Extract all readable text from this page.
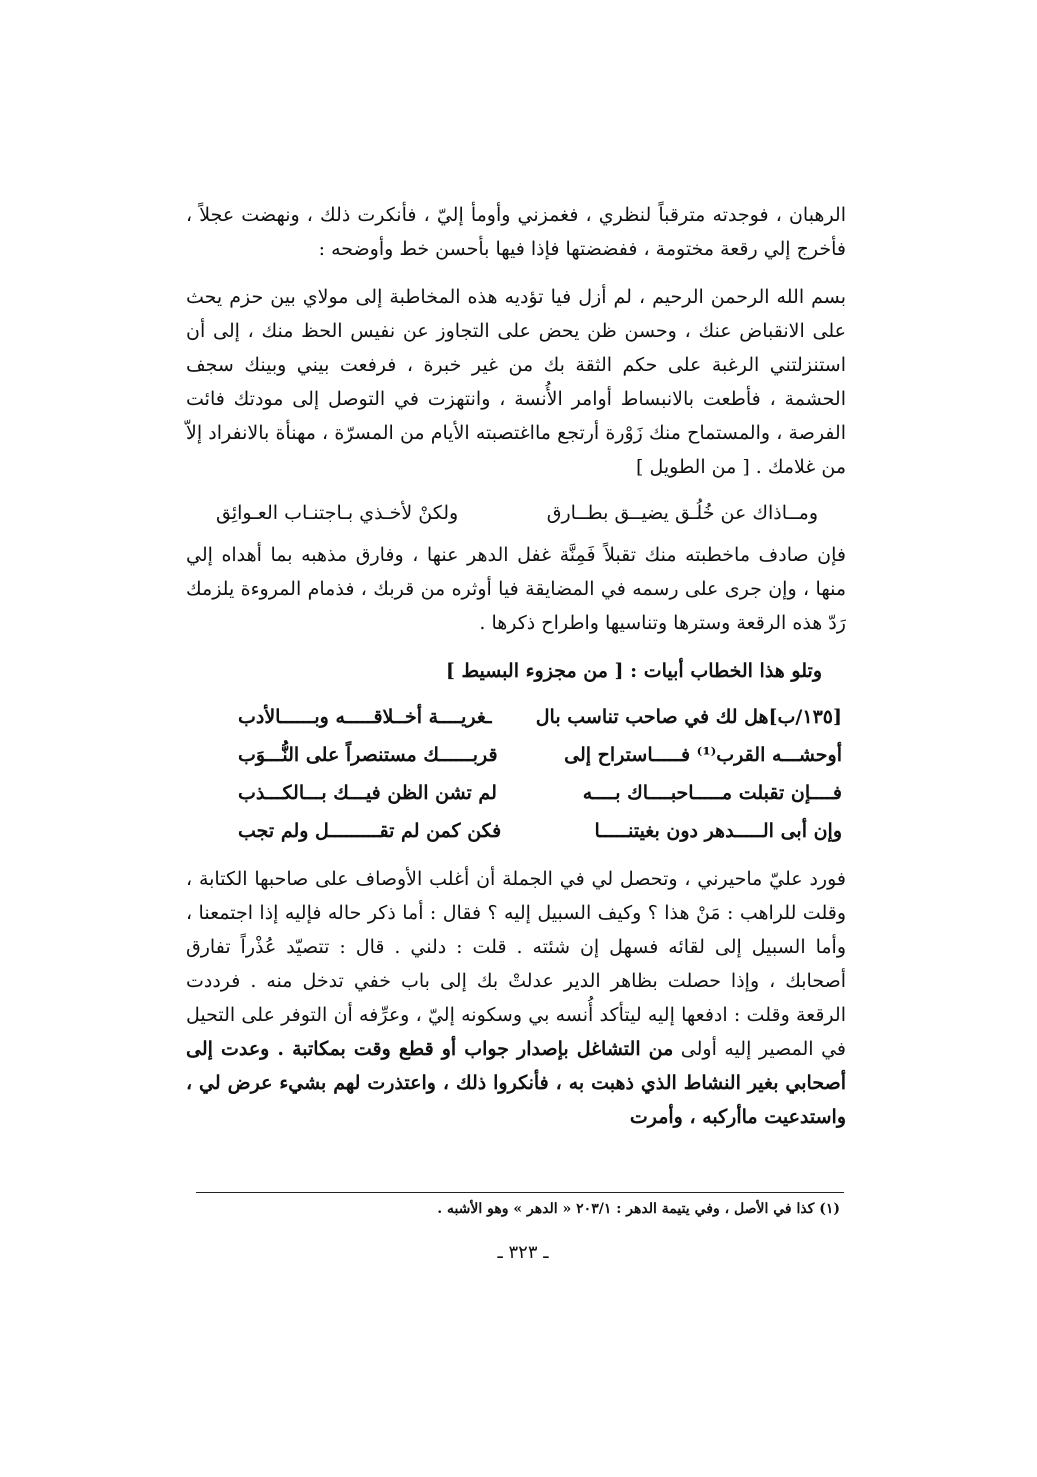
الرهبان ، فوجدته مترقباً لنظري ، فغمزني وأومأ إليّ ، فأنكرت ذلك ، ونهضت عجلاً ، فأخرج إلي رقعة مختومة ، ففضضتها فإذا فيها بأحسن خط وأوضحه :

بسم الله الرحمن الرحيم ، لم أزل فيا تؤديه هذه المخاطبة إلى مولاي بين حزم يحث على الانقباض عنك ، وحسن ظن يحض على التجاوز عن نفيس الحظ منك ، إلى أن استنزلتني الرغبة على حكم الثقة بك من غير خبرة ، فرفعت بيني وبينك سجف الحشمة ، فأطعت بالانبساط أوامر الأُنسة ، وانتهزت في التوصل إلى مودتك فائت الفرصة ، والمستماح منك زَوْرة أرتجع مااغتصبته الأيام من المسرّة ، مهنأة بالانفراد إلاّ من غلامك . [ من الطويل ]

ومــاذاك عن خُلُـق يضيــق بطــارق
ولكنْ لأخـذي بـاجتنـاب العـوائِق

فإن صادف ماخطبته منك تقبلاً فَمِنَّة غفل الدهر عنها ، وفارق مذهبه بما أهداه إلي منها ، وإن جرى على رسمه في المضايقة فيا أوثره من قربك ، فذمام المروءة يلزمك رَدّ هذه الرقعة وسترها وتناسيها واطراح ذكرها .

وتلو هذا الخطاب أبيات : [ من مجزوء البسيط ]
[١٣٥/ب]هل لك في صاحب تناسب بال
ـغريــــة أخــلاقـــــه وبــــــالأدب
أوحشـــه القرب⁽¹⁾ فـــــاستراح إلى
قربــــــك مستنصراً على النُّـــوَب
فــــإن تقبلت مـــــاحبــــاك بــــه
لم تشن الظن فيـــك بـــالكـــذب
وإن أبى الـــــدهر دون بغيتنـــــا
فكن كمن لم تقـــــــــل ولم تجب

فورد عليّ ماحيرني ، وتحصل لي في الجملة أن أغلب الأوصاف على صاحبها الكتابة ، وقلت للراهب : مَنْ هذا ؟ وكيف السبيل إليه ؟ فقال : أما ذكر حاله فإليه إذا اجتمعنا ، وأما السبيل إلى لقائه فسهل إن شئته . قلت : دلني . قال : تتصيّد عُذْراً تفارق أصحابك ، وإذا حصلت بظاهر الدير عدلتْ بك إلى باب خفي تدخل منه . فرددت الرقعة وقلت : ادفعها إليه ليتأكد أُنسه بي وسكونه إليّ ، وعرِّفه أن التوفر على التحيل في المصير إليه أولى من التشاغل بإصدار جواب أو قطع وقت بمكاتبة . وعدت إلى أصحابي بغير النشاط الذي ذهبت به ، فأنكروا ذلك ، واعتذرت لهم بشيء عرض لي ، واستدعيت ماأركبه ، وأمرت

(١) كذا في الأصل ، وفي يتيمة الدهر : ٢٠٣/١ « الدهر » وهو الأشبه .
ـ ٣٢٣ ـ
